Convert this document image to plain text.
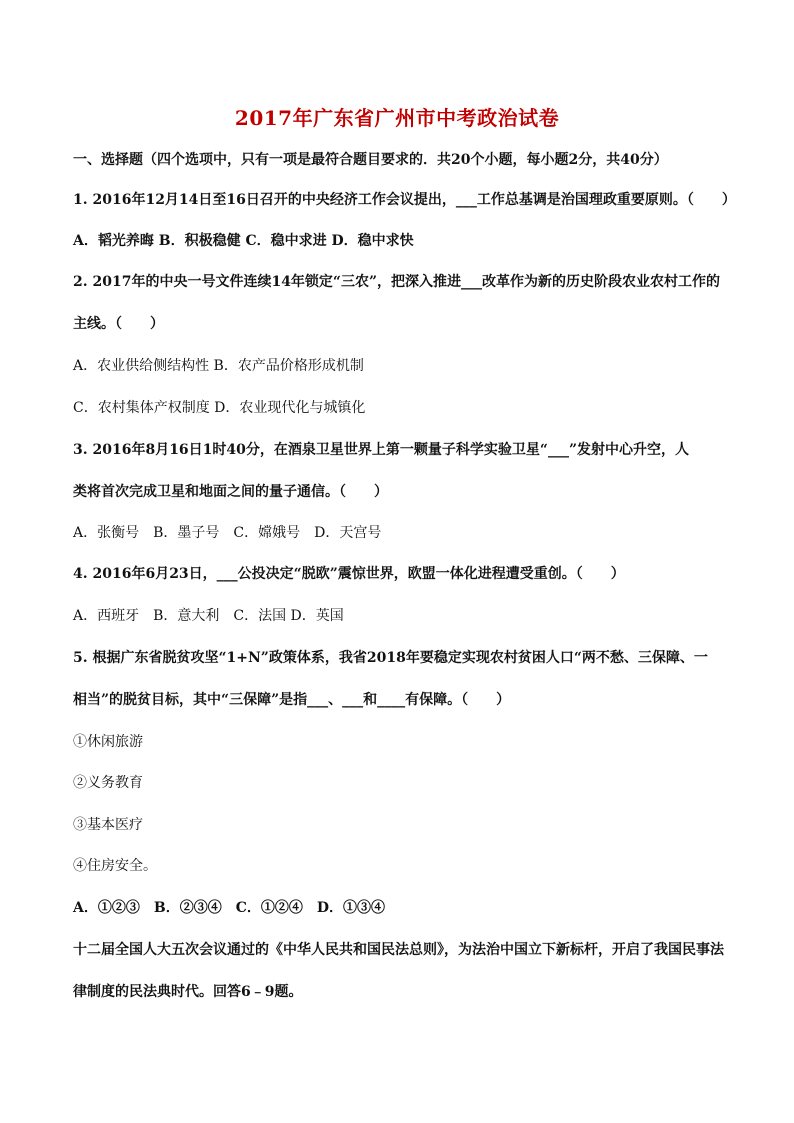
2017年广东省广州市中考政治试卷
一、选择题（四个选项中，只有一项是最符合题目要求的．共20个小题，每小题2分，共40分）
1. 2016年12月14日至16日召开的中央经济工作会议提出，___工作总基调是治国理政重要原则。（　　）
A．韬光养晦 B．积极稳健 C．稳中求进 D．稳中求快
2. 2017年的中央一号文件连续14年锁定“三农”，把深入推进___改革作为新的历史阶段农业农村工作的
主线。（　　）
A．农业供给侧结构性 B．农产品价格形成机制
C．农村集体产权制度 D．农业现代化与城镇化
3. 2016年8月16日1时40分，在酒泉卫星世界上第一颗量子科学实验卫星“___”发射中心升空，人
类将首次完成卫星和地面之间的量子通信。（　　）
A．张衡号　B．墨子号　C．嫦娥号　D．天宫号
4. 2016年6月23日，___公投决定“脱欧”震惊世界，欧盟一体化进程遭受重创。（　　）
A．西班牙　B．意大利　C．法国 D．英国
5. 根据广东省脱贫攻坚“1+N”政策体系，我省2018年要稳定实现农村贫困人口“两不愁、三保障、一
相当”的脱贫目标，其中“三保障”是指___、___和____有保障。（　　）
①休闲旅游
②义务教育
③基本医疗
④住房安全。
A．①②③　B．②③④　C．①②④　D．①③④
十二届全国人大五次会议通过的《中华人民共和国民法总则》，为法治中国立下新标杆，开启了我国民事法
律制度的民法典时代。回答6﹣9题。
